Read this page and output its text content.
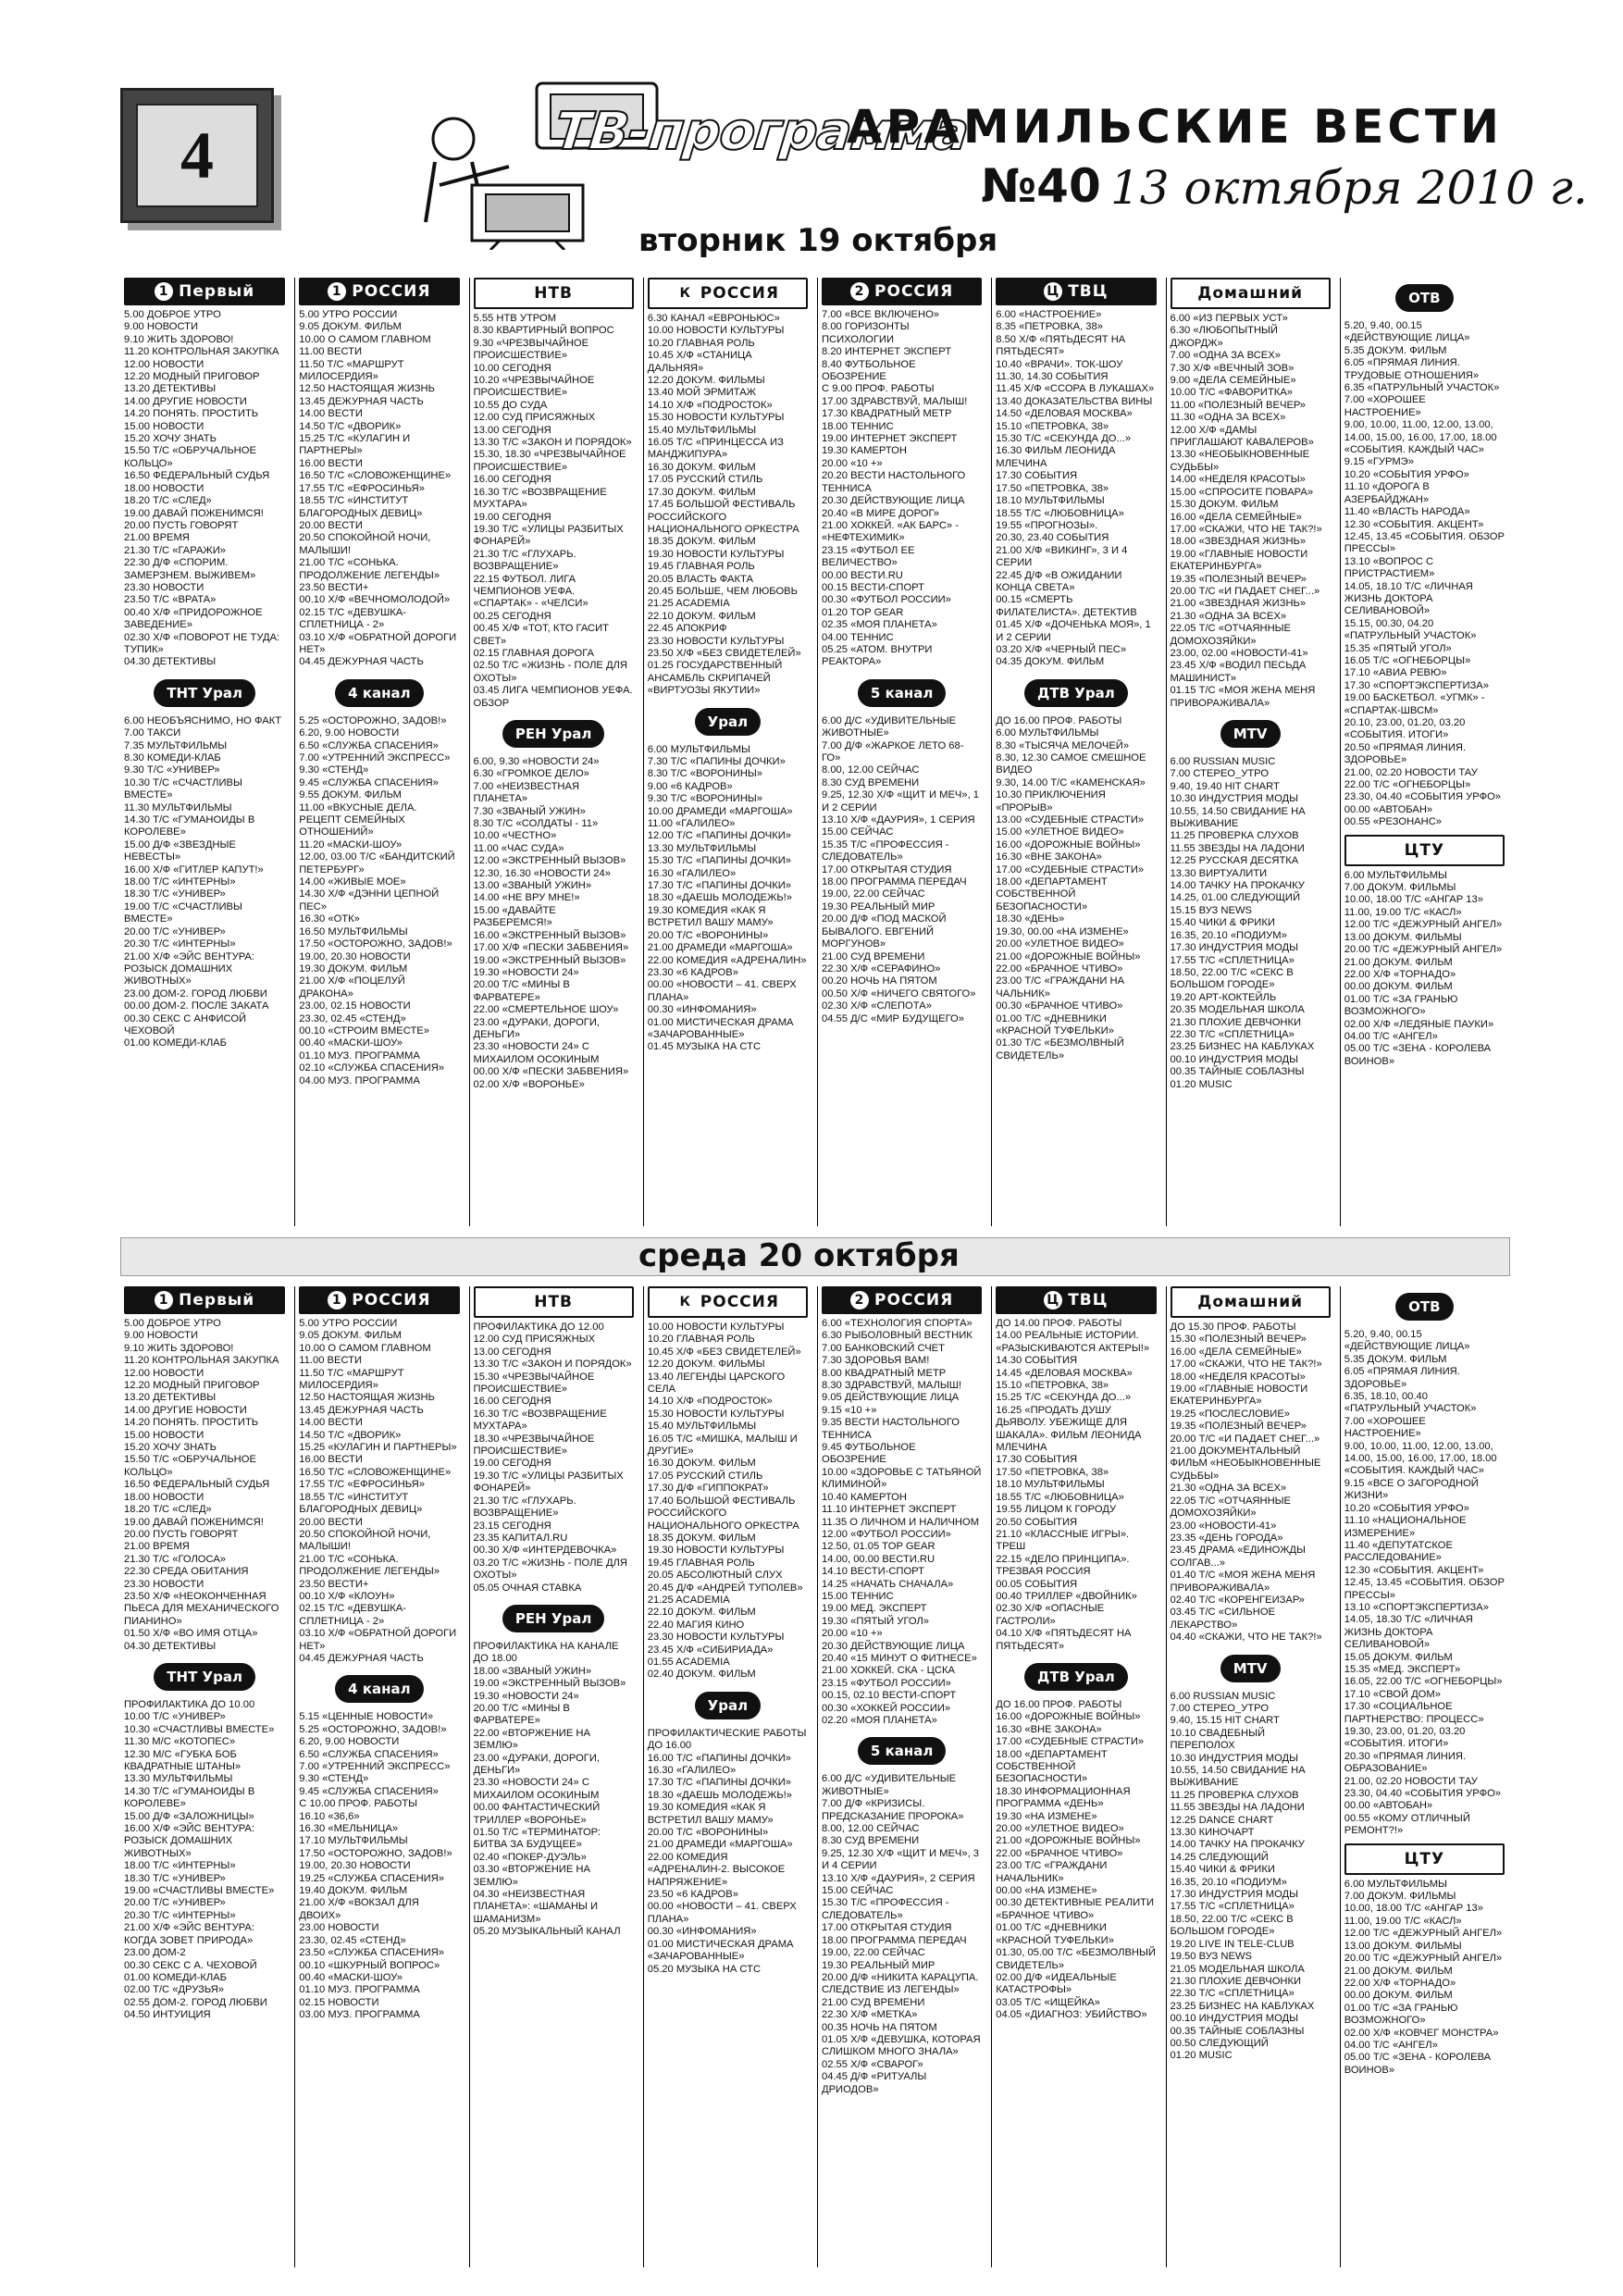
4	ТВ-программа
АРАМИЛЬСКИЕ ВЕСТИ
№40 13 октября 2010 г.
вторник 19 октября
1 Первый
5.00 ДОБРОЕ УТРО
9.00 НОВОСТИ
9.10 ЖИТЬ ЗДОРОВО!
11.20 КОНТРОЛЬНАЯ ЗАКУПКА
12.00 НОВОСТИ
12.20 МОДНЫЙ ПРИГОВОР
13.20 ДЕТЕКТИВЫ
14.00 ДРУГИЕ НОВОСТИ
14.20 ПОНЯТЬ. ПРОСТИТЬ
15.00 НОВОСТИ
15.20 ХОЧУ ЗНАТЬ
15.50 Т/С «ОБРУЧАЛЬНОЕ КОЛЬЦО»
16.50 ФЕДЕРАЛЬНЫЙ СУДЬЯ
18.00 НОВОСТИ
18.20 Т/С «СЛЕД»
19.00 ДАВАЙ ПОЖЕНИМСЯ!
20.00 ПУСТЬ ГОВОРЯТ
21.00 ВРЕМЯ
21.30 Т/С «ГАРАЖИ»
22.30 Д/Ф «СПОРИМ. ЗАМЕРЗНЕМ. ВЫЖИВЕМ»
23.30 НОВОСТИ
23.50 Т/С «ВРАТА»
00.40 Х/Ф «ПРИДОРОЖНОЕ ЗАВЕДЕНИЕ»
02.30 Х/Ф «ПОВОРОТ НЕ ТУДА: ТУПИК»
04.30 ДЕТЕКТИВЫ
ТНТ Урал
6.00 НЕОБЪЯСНИМО, НО ФАКТ
7.00 ТАКСИ
7.35 МУЛЬТФИЛЬМЫ
8.30 КОМЕДИ-КЛАБ
9.30 Т/С «УНИВЕР»
10.30 Т/С «СЧАСТЛИВЫ ВМЕСТЕ»
11.30 МУЛЬТФИЛЬМЫ
14.30 Т/С «ГУМАНОИДЫ В КОРОЛЕВЕ»
15.00 Д/Ф «ЗВЕЗДНЫЕ НЕВЕСТЫ»
16.00 Х/Ф «ГИТЛЕР КАПУТ!»
18.00 Т/С «ИНТЕРНЫ»
18.30 Т/С «УНИВЕР»
19.00 Т/С «СЧАСТЛИВЫ ВМЕСТЕ»
20.00 Т/С «УНИВЕР»
20.30 Т/С «ИНТЕРНЫ»
21.00 Х/Ф «ЭЙС ВЕНТУРА: РОЗЫСК ДОМАШНИХ ЖИВОТНЫХ»
23.00 ДОМ-2. ГОРОД ЛЮБВИ
00.00 ДОМ-2. ПОСЛЕ ЗАКАТА
00.30 СЕКС С АНФИСОЙ ЧЕХОВОЙ
01.00 КОМЕДИ-КЛАБ
1 РОССИЯ
5.00 УТРО РОССИИ
9.05 ДОКУМ. ФИЛЬМ
10.00 О САМОМ ГЛАВНОМ
11.00 ВЕСТИ
11.50 Т/С «МАРШРУТ МИЛОСЕРДИЯ»
12.50 НАСТОЯЩАЯ ЖИЗНЬ
13.45 ДЕЖУРНАЯ ЧАСТЬ
14.00 ВЕСТИ
14.50 Т/С «ДВОРИК»
15.25 Т/С «КУЛАГИН И ПАРТНЕРЫ»
16.00 ВЕСТИ
16.50 Т/С «СЛОВОЖЕНЩИНЕ»
17.55 Т/С «ЕФРОСИНЬЯ»
18.55 Т/С «ИНСТИТУТ БЛАГОРОДНЫХ ДЕВИЦ»
20.00 ВЕСТИ
20.50 СПОКОЙНОЙ НОЧИ, МАЛЫШИ!
21.00 Т/С «СОНЬКА. ПРОДОЛЖЕНИЕ ЛЕГЕНДЫ»
23.50 ВЕСТИ+
00.10 Х/Ф «ВЕЧНОМОЛОДОЙ»
02.15 Т/С «ДЕВУШКА-СПЛЕТНИЦА - 2»
03.10 Х/Ф «ОБРАТНОЙ ДОРОГИ НЕТ»
04.45 ДЕЖУРНАЯ ЧАСТЬ
4 канал
5.25 «ОСТОРОЖНО, ЗАДОВ!»
6.20, 9.00 НОВОСТИ
6.50 «СЛУЖБА СПАСЕНИЯ»
7.00 «УТРЕННИЙ ЭКСПРЕСС»
9.30 «СТЕНД»
9.45 «СЛУЖБА СПАСЕНИЯ»
9.55 ДОКУМ. ФИЛЬМ
11.00 «ВКУСНЫЕ ДЕЛА. РЕЦЕПТ СЕМЕЙНЫХ ОТНОШЕНИЙ»
11.20 «МАСКИ-ШОУ»
12.00, 03.00 Т/С «БАНДИТСКИЙ ПЕТЕРБУРГ»
14.00 «ЖИВЫЕ МОЕ»
14.30 Х/Ф «ДЭННИ ЦЕПНОЙ ПЕС»
16.30 «ОТК»
16.50 МУЛЬТФИЛЬМЫ
17.50 «ОСТОРОЖНО, ЗАДОВ!»
19.00, 20.30 НОВОСТИ
19.30 ДОКУМ. ФИЛЬМ
21.00 Х/Ф «ПОЦЕЛУЙ ДРАКОНА»
23.00, 02.15 НОВОСТИ
23.30, 02.45 «СТЕНД»
00.10 «СТРОИМ ВМЕСТЕ»
00.40 «МАСКИ-ШОУ»
01.10 МУЗ. ПРОГРАММА
02.10 «СЛУЖБА СПАСЕНИЯ»
04.00 МУЗ. ПРОГРАММА
НТВ
5.55 НТВ УТРОМ
8.30 КВАРТИРНЫЙ ВОПРОС
9.30 «ЧРЕЗВЫЧАЙНОЕ ПРОИСШЕСТВИЕ»
10.00 СЕГОДНЯ
10.20 «ЧРЕЗВЫЧАЙНОЕ ПРОИСШЕСТВИЕ»
10.55 ДО СУДА
12.00 СУД ПРИСЯЖНЫХ
13.00 СЕГОДНЯ
13.30 Т/С «ЗАКОН И ПОРЯДОК»
15.30, 18.30 «ЧРЕЗВЫЧАЙНОЕ ПРОИСШЕСТВИЕ»
16.00 СЕГОДНЯ
16.30 Т/С «ВОЗВРАЩЕНИЕ МУХТАРА»
19.00 СЕГОДНЯ
19.30 Т/С «УЛИЦЫ РАЗБИТЫХ ФОНАРЕЙ»
21.30 Т/С «ГЛУХАРЬ. ВОЗВРАЩЕНИЕ»
22.15 ФУТБОЛ. ЛИГА ЧЕМПИОНОВ УЕФА. «СПАРТАК» - «ЧЕЛСИ»
00.25 СЕГОДНЯ
00.45 Х/Ф «ТОТ, КТО ГАСИТ СВЕТ»
02.15 ГЛАВНАЯ ДОРОГА
02.50 Т/С «ЖИЗНЬ - ПОЛЕ ДЛЯ ОХОТЫ»
03.45 ЛИГА ЧЕМПИОНОВ УЕФА. ОБЗОР
РЕН Урал
6.00, 9.30 «НОВОСТИ 24»
6.30 «ГРОМКОЕ ДЕЛО»
7.00 «НЕИЗВЕСТНАЯ ПЛАНЕТА»
7.30 «ЗВАНЫЙ УЖИН»
8.30 Т/С «СОЛДАТЫ - 11»
10.00 «ЧЕСТНО»
11.00 «ЧАС СУДА»
12.00 «ЭКСТРЕННЫЙ ВЫЗОВ»
12.30, 16.30 «НОВОСТИ 24»
13.00 «ЗВАНЫЙ УЖИН»
14.00 «НЕ ВРУ МНЕ!»
15.00 «ДАВАЙТЕ РАЗБЕРЕМСЯ!»
16.00 «ЭКСТРЕННЫЙ ВЫЗОВ»
17.00 Х/Ф «ПЕСКИ ЗАБВЕНИЯ»
19.00 «ЭКСТРЕННЫЙ ВЫЗОВ»
19.30 «НОВОСТИ 24»
20.00 Т/С «МИНЫ В ФАРВАТЕРЕ»
22.00 «СМЕРТЕЛЬНОЕ ШОУ»
23.00 «ДУРАКИ, ДОРОГИ, ДЕНЬГИ»
23.30 «НОВОСТИ 24» С МИХАИЛОМ ОСОКИНЫМ
00.00 Х/Ф «ПЕСКИ ЗАБВЕНИЯ»
02.00 Х/Ф «ВОРОНЬЕ»
К РОССИЯ
6.30 КАНАЛ «ЕВРОНЬЮС»
10.00 НОВОСТИ КУЛЬТУРЫ
10.20 ГЛАВНАЯ РОЛЬ
10.45 Х/Ф «СТАНИЦА ДАЛЬНЯЯ»
12.20 ДОКУМ. ФИЛЬМЫ
13.40 МОЙ ЭРМИТАЖ
14.10 Х/Ф «ПОДРОСТОК»
15.30 НОВОСТИ КУЛЬТУРЫ
15.40 МУЛЬТФИЛЬМЫ
16.05 Т/С «ПРИНЦЕССА ИЗ МАНДЖИПУРА»
16.30 ДОКУМ. ФИЛЬМ
17.05 РУССКИЙ СТИЛЬ
17.30 ДОКУМ. ФИЛЬМ
17.45 БОЛЬШОЙ ФЕСТИВАЛЬ РОССИЙСКОГО НАЦИОНАЛЬНОГО ОРКЕСТРА
18.35 ДОКУМ. ФИЛЬМ
19.30 НОВОСТИ КУЛЬТУРЫ
19.45 ГЛАВНАЯ РОЛЬ
20.05 ВЛАСТЬ ФАКТА
20.45 БОЛЬШЕ, ЧЕМ ЛЮБОВЬ
21.25 ACADEMIA
22.10 ДОКУМ. ФИЛЬМ
22.45 АПОКРИФ
23.30 НОВОСТИ КУЛЬТУРЫ
23.50 Х/Ф «БЕЗ СВИДЕТЕЛЕЙ»
01.25 ГОСУДАРСТВЕННЫЙ АНСАМБЛЬ СКРИПАЧЕЙ «ВИРТУОЗЫ ЯКУТИИ»
Урал
6.00 МУЛЬТФИЛЬМЫ
7.30 Т/С «ПАПИНЫ ДОЧКИ»
8.30 Т/С «ВОРОНИНЫ»
9.00 «6 КАДРОВ»
9.30 Т/С «ВОРОНИНЫ»
10.00 ДРАМЕДИ «МАРГОША»
11.00 «ГАЛИЛЕО»
12.00 Т/С «ПАПИНЫ ДОЧКИ»
13.30 МУЛЬТФИЛЬМЫ
15.30 Т/С «ПАПИНЫ ДОЧКИ»
16.30 «ГАЛИЛЕО»
17.30 Т/С «ПАПИНЫ ДОЧКИ»
18.30 «ДАЕШЬ МОЛОДЕЖЬ!»
19.30 КОМЕДИЯ «КАК Я ВСТРЕТИЛ ВАШУ МАМУ»
20.00 Т/С «ВОРОНИНЫ»
21.00 ДРАМЕДИ «МАРГОША»
22.00 КОМЕДИЯ «АДРЕНАЛИН»
23.30 «6 КАДРОВ»
00.00 «НОВОСТИ – 41. СВЕРХ ПЛАНА»
00.30 «ИНФОМАНИЯ»
01.00 МИСТИЧЕСКАЯ ДРАМА «ЗАЧАРОВАННЫЕ»
01.45 МУЗЫКА НА СТС
2 РОССИЯ
7.00 «ВСЕ ВКЛЮЧЕНО»
8.00 ГОРИЗОНТЫ ПСИХОЛОГИИ
8.20 ИНТЕРНЕТ ЭКСПЕРТ
8.40 ФУТБОЛЬНОЕ ОБОЗРЕНИЕ
С 9.00 ПРОФ. РАБОТЫ
17.00 ЗДРАВСТВУЙ, МАЛЫШ!
17.30 КВАДРАТНЫЙ МЕТР
18.00 ТЕННИС
19.00 ИНТЕРНЕТ ЭКСПЕРТ
19.30 КАМЕРТОН
20.00 «10 +»
20.20 ВЕСТИ НАСТОЛЬНОГО ТЕННИСА
20.30 ДЕЙСТВУЮЩИЕ ЛИЦА
20.40 «В МИРЕ ДОРОГ»
21.00 ХОККЕЙ. «АК БАРС» - «НЕФТЕХИМИК»
23.15 «ФУТБОЛ ЕЕ ВЕЛИЧЕСТВО»
00.00 ВЕСТИ.RU
00.15 ВЕСТИ-СПОРТ
00.30 «ФУТБОЛ РОССИИ»
01.20 TOP GEAR
02.35 «МОЯ ПЛАНЕТА»
04.00 ТЕННИС
05.25 «АТОМ. ВНУТРИ РЕАКТОРА»
5 канал
6.00 Д/С «УДИВИТЕЛЬНЫЕ ЖИВОТНЫЕ»
7.00 Д/Ф «ЖАРКОЕ ЛЕТО 68-ГО»
8.00, 12.00 СЕЙЧАС
8.30 СУД ВРЕМЕНИ
9.25, 12.30 Х/Ф «ЩИТ И МЕЧ», 1 И 2 СЕРИИ
13.10 Х/Ф «ДАУРИЯ», 1 СЕРИЯ
15.00 СЕЙЧАС
15.35 Т/С «ПРОФЕССИЯ - СЛЕДОВАТЕЛЬ»
17.00 ОТКРЫТАЯ СТУДИЯ
18.00 ПРОГРАММА ПЕРЕДАЧ
19.00, 22.00 СЕЙЧАС
19.30 РЕАЛЬНЫЙ МИР
20.00 Д/Ф «ПОД МАСКОЙ БЫВАЛОГО. ЕВГЕНИЙ МОРГУНОВ»
21.00 СУД ВРЕМЕНИ
22.30 Х/Ф «СЕРАФИНО»
00.20 НОЧЬ НА ПЯТОМ
00.50 Х/Ф «НИЧЕГО СВЯТОГО»
02.30 Х/Ф «СЛЕПОТА»
04.55 Д/С «МИР БУДУЩЕГО»
Ц ТВЦ
6.00 «НАСТРОЕНИЕ»
8.35 «ПЕТРОВКА, 38»
8.50 Х/Ф «ПЯТЬДЕСЯТ НА ПЯТЬДЕСЯТ»
10.40 «ВРАЧИ». ТОК-ШОУ
11.30, 14.30 СОБЫТИЯ
11.45 Х/Ф «ССОРА В ЛУКАШАХ»
13.40 ДОКАЗАТЕЛЬСТВА ВИНЫ
14.50 «ДЕЛОВАЯ МОСКВА»
15.10 «ПЕТРОВКА, 38»
15.30 Т/С «СЕКУНДА ДО...»
16.30 ФИЛЬМ ЛЕОНИДА МЛЕЧИНА
17.30 СОБЫТИЯ
17.50 «ПЕТРОВКА, 38»
18.10 МУЛЬТФИЛЬМЫ
18.55 Т/С «ЛЮБОВНИЦА»
19.55 «ПРОГНОЗЫ».
20.30, 23.40 СОБЫТИЯ
21.00 Х/Ф «ВИКИНГ», 3 И 4 СЕРИИ
22.45 Д/Ф «В ОЖИДАНИИ КОНЦА СВЕТА»
00.15 «СМЕРТЬ ФИЛАТЕЛИСТА». ДЕТЕКТИВ
01.45 Х/Ф «ДОЧЕНЬКА МОЯ», 1 И 2 СЕРИИ
03.20 Х/Ф «ЧЕРНЫЙ ПЕС»
04.35 ДОКУМ. ФИЛЬМ
ДТВ Урал
ДО 16.00 ПРОФ. РАБОТЫ
6.00 МУЛЬТФИЛЬМЫ
8.30 «ТЫСЯЧА МЕЛОЧЕЙ»
8.30, 12.30 САМОЕ СМЕШНОЕ ВИДЕО
9.30, 14.00 Т/С «КАМЕНСКАЯ»
10.30 ПРИКЛЮЧЕНИЯ «ПРОРЫВ»
13.00 «СУДЕБНЫЕ СТРАСТИ»
15.00 «УЛЕТНОЕ ВИДЕО»
16.00 «ДОРОЖНЫЕ ВОЙНЫ»
16.30 «ВНЕ ЗАКОНА»
17.00 «СУДЕБНЫЕ СТРАСТИ»
18.00 «ДЕПАРТАМЕНТ СОБСТВЕННОЙ БЕЗОПАСНОСТИ»
18.30 «ДЕНЬ»
19.30, 00.00 «НА ИЗМЕНE»
20.00 «УЛЕТНОЕ ВИДЕО»
21.00 «ДОРОЖНЫЕ ВОЙНЫ»
22.00 «БРАЧНОЕ ЧТИВО»
23.00 Т/С «ГРАЖДАНИ НА ЧАЛЬНИК»
00.30 «БРАЧНОЕ ЧТИВО»
01.00 Т/С «ДНЕВНИКИ «КРАСНОЙ ТУФЕЛЬКИ»
01.30 Т/С «БЕЗМОЛВНЫЙ СВИДЕТЕЛЬ»
Домашний
6.00 «ИЗ ПЕРВЫХ УСТ»
6.30 «ЛЮБОПЫТНЫЙ ДЖОРДЖ»
7.00 «ОДНА ЗА ВСЕХ»
7.30 Х/Ф «ВЕЧНЫЙ ЗОВ»
9.00 «ДЕЛА СЕМЕЙНЫЕ»
10.00 Т/С «ФАВОРИТКА»
11.00 «ПОЛЕЗНЫЙ ВЕЧЕР»
11.30 «ОДНА ЗА ВСЕХ»
12.00 Х/Ф «ДАМЫ ПРИГЛАШАЮТ КАВАЛЕРОВ»
13.30 «НЕОБЫКНОВЕННЫЕ СУДЬБЫ»
14.00 «НЕДЕЛЯ КРАСОТЫ»
15.00 «СПРОСИТЕ ПОВАРА»
15.30 ДОКУМ. ФИЛЬМ
16.00 «ДЕЛА СЕМЕЙНЫЕ»
17.00 «СКАЖИ, ЧТО НЕ ТАК?!»
18.00 «ЗВЕЗДНАЯ ЖИЗНЬ»
19.00 «ГЛАВНЫЕ НОВОСТИ ЕКАТЕРИНБУРГА»
19.35 «ПОЛЕЗНЫЙ ВЕЧЕР»
20.00 Т/С «И ПАДАЕТ СНЕГ...»
21.00 «ЗВЕЗДНАЯ ЖИЗНЬ»
21.30 «ОДНА ЗА ВСЕХ»
22.05 Т/С «ОТЧАЯННЫЕ ДОМОХОЗЯЙКИ»
23.00, 02.00 «НОВОСТИ-41»
23.45 Х/Ф «ВОДИЛ ПЕСЬДА МАШИНИСТ»
01.15 Т/С «МОЯ ЖЕНА МЕНЯ ПРИВОРАЖИВАЛА»
MTV
6.00 RUSSIAN MUSIC
7.00 СТЕРЕО_УТРО
9.40, 19.40 HIT CHART
10.30 ИНДУСТРИЯ МОДЫ
10.55, 14.50 СВИДАНИЕ НА ВЫЖИВАНИЕ
11.25 ПРОВЕРКА СЛУХОВ
11.55 ЗВЕЗДЫ НА ЛАДОНИ
12.25 РУССКАЯ ДЕСЯТКА
13.30 ВИРТУАЛИТИ
14.00 ТАЧКУ НА ПРОКАЧКУ
14.25, 01.00 СЛЕДУЮЩИЙ
15.15 ВУЗ NEWS
15.40 ЧИКИ & ФРИКИ
16.35, 20.10 «ПОДИУМ»
17.30 ИНДУСТРИЯ МОДЫ
17.55 Т/С «СПЛЕТНИЦА»
18.50, 22.00 Т/С «СЕКС В БОЛЬШОМ ГОРОДЕ»
19.20 АРТ-КОКТЕЙЛЬ
20.35 МОДЕЛЬНАЯ ШКОЛА
21.30 ПЛОХИЕ ДЕВЧОНКИ
22.30 Т/С «СПЛЕТНИЦА»
23.25 БИЗНЕС НА КАБЛУКАХ
00.10 ИНДУСТРИЯ МОДЫ
00.35 ТАЙНЫЕ СОБЛАЗНЫ
01.20 MUSIC
ОТВ
5.20, 9.40, 00.15 «ДЕЙСТВУЮЩИЕ ЛИЦА»
5.35 ДОКУМ. ФИЛЬМ
6.05 «ПРЯМАЯ ЛИНИЯ. ТРУДОВЫЕ ОТНОШЕНИЯ»
6.35 «ПАТРУЛЬНЫЙ УЧАСТОК»
7.00 «ХОРОШЕЕ НАСТРОЕНИЕ»
9.00, 10.00, 11.00, 12.00, 13.00, 14.00, 15.00, 16.00, 17.00, 18.00 «СОБЫТИЯ. КАЖДЫЙ ЧАС»
9.15 «ГУРМЭ»
10.20 «СОБЫТИЯ УРФО»
11.10 «ДОРОГА В АЗЕРБАЙДЖАН»
11.40 «ВЛАСТЬ НАРОДА»
12.30 «СОБЫТИЯ. АКЦЕНТ»
12.45, 13.45 «СОБЫТИЯ. ОБЗОР ПРЕССЫ»
13.10 «ВОПРОС С ПРИСТРАСТИЕМ»
14.05, 18.10 Т/С «ЛИЧНАЯ ЖИЗНЬ ДОКТОРА СЕЛИВАНОВОЙ»
15.15, 00.30, 04.20 «ПАТРУЛЬНЫЙ УЧАСТОК»
15.35 «ПЯТЫЙ УГОЛ»
16.05 Т/С «ОГНЕБОРЦЫ»
17.10 «АВИА РЕВЮ»
17.30 «СПОРТЭКСПЕРТИЗА»
19.00 БАСКЕТБОЛ. «УГМК» - «СПАРТАК-ШВСМ»
20.10, 23.00, 01.20, 03.20 «СОБЫТИЯ. ИТОГИ»
20.50 «ПРЯМАЯ ЛИНИЯ. ЗДОРОВЬЕ»
21.00, 02.20 НОВОСТИ ТАУ
22.00 Т/С «ОГНЕБОРЦЫ»
23.30, 04.40 «СОБЫТИЯ УРФО»
00.00 «АВТОБАН»
00.55 «РЕЗОНАНС»
ЦТУ
6.00 МУЛЬТФИЛЬМЫ
7.00 ДОКУМ. ФИЛЬМЫ
10.00, 18.00 Т/С «АНГАР 13»
11.00, 19.00 Т/С «КАСЛ»
12.00 Т/С «ДЕЖУРНЫЙ АНГЕЛ»
13.00 ДОКУМ. ФИЛЬМЫ
20.00 Т/С «ДЕЖУРНЫЙ АНГЕЛ»
21.00 ДОКУМ. ФИЛЬМ
22.00 Х/Ф «ТОРНАДО»
00.00 ДОКУМ. ФИЛЬМ
01.00 Т/С «ЗА ГРАНЬЮ ВОЗМОЖНОГО»
02.00 Х/Ф «ЛЕДЯНЫЕ ПАУКИ»
04.00 Т/С «АНГЕЛ»
05.00 Т/С «ЗЕНА - КОРОЛЕВА ВОИНОВ»
среда 20 октября
1 Первый
5.00 ДОБРОЕ УТРО
9.00 НОВОСТИ
9.10 ЖИТЬ ЗДОРОВО!
11.20 КОНТРОЛЬНАЯ ЗАКУПКА
12.00 НОВОСТИ
12.20 МОДНЫЙ ПРИГОВОР
13.20 ДЕТЕКТИВЫ
14.00 ДРУГИЕ НОВОСТИ
14.20 ПОНЯТЬ. ПРОСТИТЬ
15.00 НОВОСТИ
15.20 ХОЧУ ЗНАТЬ
15.50 Т/С «ОБРУЧАЛЬНОЕ КОЛЬЦО»
16.50 ФЕДЕРАЛЬНЫЙ СУДЬЯ
18.00 НОВОСТИ
18.20 Т/С «СЛЕД»
19.00 ДАВАЙ ПОЖЕНИМСЯ!
20.00 ПУСТЬ ГОВОРЯТ
21.00 ВРЕМЯ
21.30 Т/С «ГОЛОСА»
22.30 СРЕДА ОБИТАНИЯ
23.30 НОВОСТИ
23.50 Х/Ф «НЕОКОНЧЕННАЯ ПЬЕСА ДЛЯ МЕХАНИЧЕСКОГО ПИАНИНО»
01.50 Х/Ф «ВО ИМЯ ОТЦА»
04.30 ДЕТЕКТИВЫ
ТНТ Урал
ПРОФИЛАКТИКА ДО 10.00
10.00 Т/С «УНИВЕР»
10.30 «СЧАСТЛИВЫ ВМЕСТЕ»
11.30 М/С «КОТОПЕС»
12.30 М/С «ГУБКА БОБ КВАДРАТНЫЕ ШТАНЫ»
13.30 МУЛЬТФИЛЬМЫ
14.30 Т/С «ГУМАНОИДЫ В КОРОЛЕВЕ»
15.00 Д/Ф «ЗАЛОЖНИЦЫ»
16.00 Х/Ф «ЭЙС ВЕНТУРА: РОЗЫСК ДОМАШНИХ ЖИВОТНЫХ»
18.00 Т/С «ИНТЕРНЫ»
18.30 Т/С «УНИВЕР»
19.00 «СЧАСТЛИВЫ ВМЕСТЕ»
20.00 Т/С «УНИВЕР»
20.30 Т/С «ИНТЕРНЫ»
21.00 Х/Ф «ЭЙС ВЕНТУРА: КОГДА ЗОВЕТ ПРИРОДА»
23.00 ДОМ-2
00.30 СЕКС С А. ЧЕХОВОЙ
01.00 КОМЕДИ-КЛАБ
02.00 Т/С «ДРУЗЬЯ»
02.55 ДОМ-2. ГОРОД ЛЮБВИ
04.50 ИНТУИЦИЯ
1 РОССИЯ
5.00 УТРО РОССИИ
9.05 ДОКУМ. ФИЛЬМ
10.00 О САМОМ ГЛАВНОМ
11.00 ВЕСТИ
11.50 Т/С «МАРШРУТ МИЛОСЕРДИЯ»
12.50 НАСТОЯЩАЯ ЖИЗНЬ
13.45 ДЕЖУРНАЯ ЧАСТЬ
14.00 ВЕСТИ
14.50 Т/С «ДВОРИК»
15.25 «КУЛАГИН И ПАРТНЕРЫ»
16.00 ВЕСТИ
16.50 Т/С «СЛОВОЖЕНЩИНЕ»
17.55 Т/С «ЕФРОСИНЬЯ»
18.55 Т/С «ИНСТИТУТ БЛАГОРОДНЫХ ДЕВИЦ»
20.00 ВЕСТИ
20.50 СПОКОЙНОЙ НОЧИ, МАЛЫШИ!
21.00 Т/С «СОНЬКА. ПРОДОЛЖЕНИЕ ЛЕГЕНДЫ»
23.50 ВЕСТИ+
00.10 Х/Ф «КЛОУН»
02.15 Т/С «ДЕВУШКА-СПЛЕТНИЦА - 2»
03.10 Х/Ф «ОБРАТНОЙ ДОРОГИ НЕТ»
04.45 ДЕЖУРНАЯ ЧАСТЬ
4 канал
5.15 «ЦЕННЫЕ НОВОСТИ»
5.25 «ОСТОРОЖНО, ЗАДОВ!»
6.20, 9.00 НОВОСТИ
6.50 «СЛУЖБА СПАСЕНИЯ»
7.00 «УТРЕННИЙ ЭКСПРЕСС»
9.30 «СТЕНД»
9.45 «СЛУЖБА СПАСЕНИЯ»
С 10.00 ПРОФ. РАБОТЫ
16.10 «36,6»
16.30 «МЕЛЬНИЦА»
17.10 МУЛЬТФИЛЬМЫ
17.50 «ОСТОРОЖНО, ЗАДОВ!»
19.00, 20.30 НОВОСТИ
19.25 «СЛУЖБА СПАСЕНИЯ»
19.40 ДОКУМ. ФИЛЬМ
21.00 Х/Ф «ВОКЗАЛ ДЛЯ ДВОИХ»
23.00 НОВОСТИ
23.30, 02.45 «СТЕНД»
23.50 «СЛУЖБА СПАСЕНИЯ»
00.10 «ШКУРНЫЙ ВОПРОС»
00.40 «МАСКИ-ШОУ»
01.10 МУЗ. ПРОГРАММА
02.15 НОВОСТИ
03.00 МУЗ. ПРОГРАММА
НТВ
ПРОФИЛАКТИКА ДО 12.00
12.00 СУД ПРИСЯЖНЫХ
13.00 СЕГОДНЯ
13.30 Т/С «ЗАКОН И ПОРЯДОК»
15.30 «ЧРЕЗВЫЧАЙНОЕ ПРОИСШЕСТВИЕ»
16.00 СЕГОДНЯ
16.30 Т/С «ВОЗВРАЩЕНИЕ МУХТАРА»
18.30 «ЧРЕЗВЫЧАЙНОЕ ПРОИСШЕСТВИЕ»
19.00 СЕГОДНЯ
19.30 Т/С «УЛИЦЫ РАЗБИТЫХ ФОНАРЕЙ»
21.30 Т/С «ГЛУХАРЬ. ВОЗВРАЩЕНИЕ»
23.15 СЕГОДНЯ
23.35 КАПИТАЛ.RU
00.30 Х/Ф «ИНТЕРДЕВОЧКА»
03.20 Т/С «ЖИЗНЬ - ПОЛЕ ДЛЯ ОХОТЫ»
05.05 ОЧНАЯ СТАВКА
РЕН Урал
ПРОФИЛАКТИКА НА КАНАЛЕ ДО 18.00
18.00 «ЗВАНЫЙ УЖИН»
19.00 «ЭКСТРЕННЫЙ ВЫЗОВ»
19.30 «НОВОСТИ 24»
20.00 Т/С «МИНЫ В ФАРВАТЕРЕ»
22.00 «ВТОРЖЕНИЕ НА ЗЕМЛЮ»
23.00 «ДУРАКИ, ДОРОГИ, ДЕНЬГИ»
23.30 «НОВОСТИ 24» С МИХАИЛОМ ОСОКИНЫМ
00.00 ФАНТАСТИЧЕСКИЙ ТРИЛЛЕР «ВОРОНЬЕ»
01.50 Т/С «ТЕРМИНАТОР: БИТВА ЗА БУДУЩЕЕ»
02.40 «ПОКЕР-ДУЭЛЬ»
03.30 «ВТОРЖЕНИЕ НА ЗЕМЛЮ»
04.30 «НЕИЗВЕСТНАЯ ПЛАНЕТА»: «ШАМАНЫ И ШАМАНИЗМ»
05.20 МУЗЫКАЛЬНЫЙ КАНАЛ
К РОССИЯ
10.00 НОВОСТИ КУЛЬТУРЫ
10.20 ГЛАВНАЯ РОЛЬ
10.45 Х/Ф «БЕЗ СВИДЕТЕЛЕЙ»
12.20 ДОКУМ. ФИЛЬМЫ
13.40 ЛЕГЕНДЫ ЦАРСКОГО СЕЛА
14.10 Х/Ф «ПОДРОСТОК»
15.30 НОВОСТИ КУЛЬТУРЫ
15.40 МУЛЬТФИЛЬМЫ
16.05 Т/С «МИШКА, МАЛЫШ И ДРУГИЕ»
16.30 ДОКУМ. ФИЛЬМ
17.05 РУССКИЙ СТИЛЬ
17.30 Д/Ф «ГИППОКРАТ»
17.40 БОЛЬШОЙ ФЕСТИВАЛЬ РОССИЙСКОГО НАЦИОНАЛЬНОГО ОРКЕСТРА
18.35 ДОКУМ. ФИЛЬМ
19.30 НОВОСТИ КУЛЬТУРЫ
19.45 ГЛАВНАЯ РОЛЬ
20.05 АБСОЛЮТНЫЙ СЛУХ
20.45 Д/Ф «АНДРЕЙ ТУПОЛЕВ»
21.25 ACADEMIA
22.10 ДОКУМ. ФИЛЬМ
22.40 МАГИЯ КИНО
23.30 НОВОСТИ КУЛЬТУРЫ
23.45 Х/Ф «СИБИРИАДА»
01.55 ACADEMIA
02.40 ДОКУМ. ФИЛЬМ
Урал
ПРОФИЛАКТИЧЕСКИЕ РАБОТЫ ДО 16.00
16.00 Т/С «ПАПИНЫ ДОЧКИ»
16.30 «ГАЛИЛЕО»
17.30 Т/С «ПАПИНЫ ДОЧКИ»
18.30 «ДАЕШЬ МОЛОДЕЖЬ!»
19.30 КОМЕДИЯ «КАК Я ВСТРЕТИЛ ВАШУ МАМУ»
20.00 Т/С «ВОРОНИНЫ»
21.00 ДРАМЕДИ «МАРГОША»
22.00 КОМЕДИЯ «АДРЕНАЛИН-2. ВЫСОКОЕ НАПРЯЖЕНИЕ»
23.50 «6 КАДРОВ»
00.00 «НОВОСТИ – 41. СВЕРХ ПЛАНА»
00.30 «ИНФОМАНИЯ»
01.00 МИСТИЧЕСКАЯ ДРАМА «ЗАЧАРОВАННЫЕ»
05.20 МУЗЫКА НА СТС
2 РОССИЯ
6.00 «ТЕХНОЛОГИЯ СПОРТА»
6.30 РЫБОЛОВНЫЙ ВЕСТНИК
7.00 БАНКОВСКИЙ СЧЕТ
7.30 ЗДОРОВЬЯ ВАМ!
8.00 КВАДРАТНЫЙ МЕТР
8.30 ЗДРАВСТВУЙ, МАЛЫШ!
9.05 ДЕЙСТВУЮЩИЕ ЛИЦА
9.15 «10 +»
9.35 ВЕСТИ НАСТОЛЬНОГО ТЕННИСА
9.45 ФУТБОЛЬНОЕ ОБОЗРЕНИЕ
10.00 «ЗДОРОВЬЕ С ТАТЬЯНОЙ КЛИМИНОЙ»
10.40 КАМЕРТОН
11.10 ИНТЕРНЕТ ЭКСПЕРТ
11.35 О ЛИЧНОМ И НАЛИЧНОМ
12.00 «ФУТБОЛ РОССИИ»
12.50, 01.05 TOP GEAR
14.00, 00.00 ВЕСТИ.RU
14.10 ВЕСТИ-СПОРТ
14.25 «НАЧАТЬ СНАЧАЛА»
15.00 ТЕННИС
19.00 МЕД. ЭКСПЕРТ
19.30 «ПЯТЫЙ УГОЛ»
20.00 «10 +»
20.30 ДЕЙСТВУЮЩИЕ ЛИЦА
20.40 «15 МИНУТ О ФИТНЕСЕ»
21.00 ХОККЕЙ. СКА - ЦСКА
23.15 «ФУТБОЛ РОССИИ»
00.15, 02.10 ВЕСТИ-СПОРТ
00.30 «ХОККЕЙ РОССИИ»
02.20 «МОЯ ПЛАНЕТА»
5 канал
6.00 Д/С «УДИВИТЕЛЬНЫЕ ЖИВОТНЫЕ»
7.00 Д/Ф «КРИЗИСЫ. ПРЕДСКАЗАНИЕ ПРОРОКА»
8.00, 12.00 СЕЙЧАС
8.30 СУД ВРЕМЕНИ
9.25, 12.30 Х/Ф «ЩИТ И МЕЧ», 3 И 4 СЕРИИ
13.10 Х/Ф «ДАУРИЯ», 2 СЕРИЯ
15.00 СЕЙЧАС
15.30 Т/С «ПРОФЕССИЯ - СЛЕДОВАТЕЛЬ»
17.00 ОТКРЫТАЯ СТУДИЯ
18.00 ПРОГРАММА ПЕРЕДАЧ
19.00, 22.00 СЕЙЧАС
19.30 РЕАЛЬНЫЙ МИР
20.00 Д/Ф «НИКИТА КАРАЦУПА. СЛЕДСТВИЕ ИЗ ЛЕГЕНДЫ»
21.00 СУД ВРЕМЕНИ
22.30 Х/Ф «МЕТКА»
00.35 НОЧЬ НА ПЯТОМ
01.05 Х/Ф «ДЕВУШКА, КОТОРАЯ СЛИШКОМ МНОГО ЗНАЛА»
02.55 Х/Ф «СВАРОГ»
04.45 Д/Ф «РИТУАЛЫ ДРИОДОВ»
Ц ТВЦ
ДО 14.00 ПРОФ. РАБОТЫ
14.00 РЕАЛЬНЫЕ ИСТОРИИ. «РАЗЫСКИВАЮТСЯ АКТЕРЫ!»
14.30 СОБЫТИЯ
14.45 «ДЕЛОВАЯ МОСКВА»
15.10 «ПЕТРОВКА, 38»
15.25 Т/С «СЕКУНДА ДО...»
16.25 «ПРОДАТЬ ДУШУ ДЬЯВОЛУ. УБЕЖИЩЕ ДЛЯ ШАКАЛА». ФИЛЬМ ЛЕОНИДА МЛЕЧИНА
17.30 СОБЫТИЯ
17.50 «ПЕТРОВКА, 38»
18.10 МУЛЬТФИЛЬМЫ
18.55 Т/С «ЛЮБОВНИЦА»
19.55 ЛИЦОМ К ГОРОДУ
20.50 СОБЫТИЯ
21.10 «КЛАССНЫЕ ИГРЫ». ТРЕШ
22.15 «ДЕЛО ПРИНЦИПА». ТРЕЗВАЯ РОССИЯ
00.05 СОБЫТИЯ
00.40 ТРИЛЛЕР «ДВОЙНИК»
02.30 Х/Ф «ОПАСНЫЕ ГАСТРОЛИ»
04.10 Х/Ф «ПЯТЬДЕСЯТ НА ПЯТЬДЕСЯТ»
ДТВ Урал
ДО 16.00 ПРОФ. РАБОТЫ
16.00 «ДОРОЖНЫЕ ВОЙНЫ»
16.30 «ВНЕ ЗАКОНА»
17.00 «СУДЕБНЫЕ СТРАСТИ»
18.00 «ДЕПАРТАМЕНТ СОБСТВЕННОЙ БЕЗОПАСНОСТИ»
18.30 ИНФОРМАЦИОННАЯ ПРОГРАММА «ДЕНЬ»
19.30 «НА ИЗМЕНE»
20.00 «УЛЕТНОЕ ВИДЕО»
21.00 «ДОРОЖНЫЕ ВОЙНЫ»
22.00 «БРАЧНОЕ ЧТИВО»
23.00 Т/С «ГРАЖДАНИ НАЧАЛЬНИК»
00.00 «НА ИЗМЕНE»
00.30 ДЕТЕКТИВНЫЕ РЕАЛИТИ «БРАЧНОЕ ЧТИВО»
01.00 Т/С «ДНЕВНИКИ «КРАСНОЙ ТУФЕЛЬКИ»
01.30, 05.00 Т/С «БЕЗМОЛВНЫЙ СВИДЕТЕЛЬ»
02.00 Д/Ф «ИДЕАЛЬНЫЕ КАТАСТРОФЫ»
03.05 Т/С «ИЩЕЙКА»
04.05 «ДИАГНОЗ: УБИЙСТВО»
Домашний
ДО 15.30 ПРОФ. РАБОТЫ
15.30 «ПОЛЕЗНЫЙ ВЕЧЕР»
16.00 «ДЕЛА СЕМЕЙНЫЕ»
17.00 «СКАЖИ, ЧТО НЕ ТАК?!»
18.00 «НЕДЕЛЯ КРАСОТЫ»
19.00 «ГЛАВНЫЕ НОВОСТИ ЕКАТЕРИНБУРГА»
19.25 «ПОСЛЕСЛОВИЕ»
19.35 «ПОЛЕЗНЫЙ ВЕЧЕР»
20.00 Т/С «И ПАДАЕТ СНЕГ...»
21.00 ДОКУМЕНТАЛЬНЫЙ ФИЛЬМ «НЕОБЫКНОВЕННЫЕ СУДЬБЫ»
21.30 «ОДНА ЗА ВСЕХ»
22.05 Т/С «ОТЧАЯННЫЕ ДОМОХОЗЯЙКИ»
23.00 «НОВОСТИ-41»
23.35 «ДЕНЬ ГОРОДА»
23.45 ДРАМА «ЕДИНОЖДЫ СОЛГАВ...»
01.40 Т/С «МОЯ ЖЕНА МЕНЯ ПРИВОРАЖИВАЛА»
02.40 Т/С «КОРЕНГЕИЗАР»
03.45 Т/С «СИЛЬНОЕ ЛЕКАРСТВО»
04.40 «СКАЖИ, ЧТО НЕ ТАК?!»
MTV
6.00 RUSSIAN MUSIC
7.00 СТЕРЕО_УТРО
9.40, 15.15 HIT CHART
10.10 СВАДЕБНЫЙ ПЕРЕПОЛОХ
10.30 ИНДУСТРИЯ МОДЫ
10.55, 14.50 СВИДАНИЕ НА ВЫЖИВАНИЕ
11.25 ПРОВЕРКА СЛУХОВ
11.55 ЗВЕЗДЫ НА ЛАДОНИ
12.25 DANCE CHART
13.30 КИНОЧАРТ
14.00 ТАЧКУ НА ПРОКАЧКУ
14.25 СЛЕДУЮЩИЙ
15.40 ЧИКИ & ФРИКИ
16.35, 20.10 «ПОДИУМ»
17.30 ИНДУСТРИЯ МОДЫ
17.55 Т/С «СПЛЕТНИЦА»
18.50, 22.00 Т/С «СЕКС В БОЛЬШОМ ГОРОДЕ»
19.20 LIVE IN TELE-CLUB
19.50 ВУЗ NEWS
21.05 МОДЕЛЬНАЯ ШКОЛА
21.30 ПЛОХИЕ ДЕВЧОНКИ
22.30 Т/С «СПЛЕТНИЦА»
23.25 БИЗНЕС НА КАБЛУКАХ
00.10 ИНДУСТРИЯ МОДЫ
00.35 ТАЙНЫЕ СОБЛАЗНЫ
00.50 СЛЕДУЮЩИЙ
01.20 MUSIC
ОТВ
5.20, 9.40, 00.15 «ДЕЙСТВУЮЩИЕ ЛИЦА»
5.35 ДОКУМ. ФИЛЬМ
6.05 «ПРЯМАЯ ЛИНИЯ. ЗДОРОВЬЕ»
6.35, 18.10, 00.40 «ПАТРУЛЬНЫЙ УЧАСТОК»
7.00 «ХОРОШЕЕ НАСТРОЕНИЕ»
9.00, 10.00, 11.00, 12.00, 13.00, 14.00, 15.00, 16.00, 17.00, 18.00 «СОБЫТИЯ. КАЖДЫЙ ЧАС»
9.15 «ВСЕ О ЗАГОРОДНОЙ ЖИЗНИ»
10.20 «СОБЫТИЯ УРФО»
11.10 «НАЦИОНАЛЬНОЕ ИЗМЕРЕНИЕ»
11.40 «ДЕПУТАТСКОЕ РАССЛЕДОВАНИЕ»
12.30 «СОБЫТИЯ. АКЦЕНТ»
12.45, 13.45 «СОБЫТИЯ. ОБЗОР ПРЕССЫ»
13.10 «СПОРТЭКСПЕРТИЗА»
14.05, 18.30 Т/С «ЛИЧНАЯ ЖИЗНЬ ДОКТОРА СЕЛИВАНОВОЙ»
15.05 ДОКУМ. ФИЛЬМ
15.35 «МЕД. ЭКСПЕРТ»
16.05, 22.00 Т/С «ОГНЕБОРЦЫ»
17.10 «СВОЙ ДОМ»
17.30 «СОЦИАЛЬНОЕ ПАРТНЕРСТВО: ПРОЦЕСС»
19.30, 23.00, 01.20, 03.20 «СОБЫТИЯ. ИТОГИ»
20.30 «ПРЯМАЯ ЛИНИЯ. ОБРАЗОВАНИЕ»
21.00, 02.20 НОВОСТИ ТАУ
23.30, 04.40 «СОБЫТИЯ УРФО»
00.00 «АВТОБАН»
00.55 «КОМУ ОТЛИЧНЫЙ РЕМОНТ?!»
ЦТУ
6.00 МУЛЬТФИЛЬМЫ
7.00 ДОКУМ. ФИЛЬМЫ
10.00, 18.00 Т/С «АНГАР 13»
11.00, 19.00 Т/С «КАСЛ»
12.00 Т/С «ДЕЖУРНЫЙ АНГЕЛ»
13.00 ДОКУМ. ФИЛЬМЫ
20.00 Т/С «ДЕЖУРНЫЙ АНГЕЛ»
21.00 ДОКУМ. ФИЛЬМ
22.00 Х/Ф «ТОРНАДО»
00.00 ДОКУМ. ФИЛЬМ
01.00 Т/С «ЗА ГРАНЬЮ ВОЗМОЖНОГО»
02.00 Х/Ф «КОВЧЕГ МОНСТРА»
04.00 Т/С «АНГЕЛ»
05.00 Т/С «ЗЕНА - КОРОЛЕВА ВОИНОВ»
